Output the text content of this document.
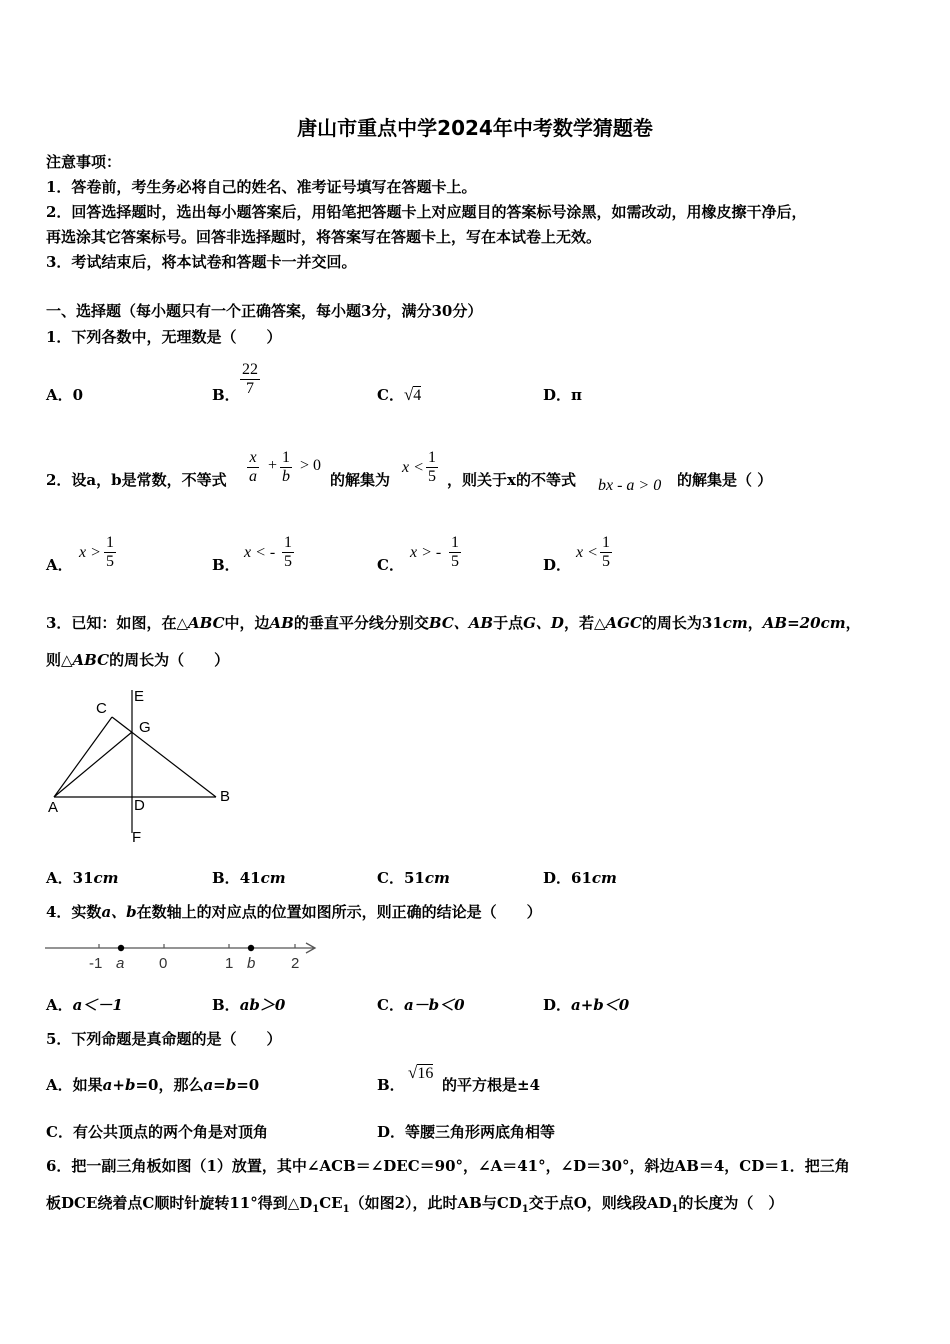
唐山市重点中学2024年中考数学猜题卷
注意事项：
1．答卷前，考生务必将自己的姓名、准考证号填写在答题卡上。
2．回答选择题时，选出每小题答案后，用铅笔把答题卡上对应题目的答案标号涂黑，如需改动，用橡皮擦干净后，
再选涂其它答案标号。回答非选择题时，将答案写在答题卡上，写在本试卷上无效。
3．考试结束后，将本试卷和答题卡一并交回。
一、选择题（每小题只有一个正确答案，每小题3分，满分30分）
1．下列各数中，无理数是（　　）
A．0	B． $\frac{22}{7}$	C．√4	D．π
2．设a，b是常数，不等式 $\frac{x}{a} + \frac{1}{b} > 0$
的解集为
$x < \frac{1}{5}$ ，则关于x的不等式 bx - a > 0 的解集是（ ）
A．
$x > \frac{1}{5}$	B．
x < - $\frac{1}{5}$	C．
x > - $\frac{1}{5}$	D．
$x < \frac{1}{5}$
3．已知：如图，在△ABC中，边AB的垂直平分线分别交BC、AB于点G、D，若△AGC的周长为31cm，AB=20cm，
则△ABC的周长为（　　）
C
E
G
A	D
B
F
A．31cm	B．41cm	C．51cm	D．61cm
4．实数a、b在数轴上的对应点的位置如图所示，则正确的结论是（　　）
-1 a 0	1 b 2
A．a＜－1	B．ab＞0	C．a－b＜0	D．a+b＜0
5．下列命题是真命题的是（　　）
A．如果a+b=0，那么a=b=0	B．
√16
的平方根是±4
C．有公共顶点的两个角是对顶角	D．等腰三角形两底角相等
6．把一副三角板如图（1）放置，其中∠ACB＝∠DEC＝90°，∠A＝41°，∠D＝30°，斜边AB＝4，CD＝1．把三角
板DCE绕着点C顺时针旋转11°得到$\triangle D_1CE_1$（如图2），此时AB与$CD_1$交于点O，则线段$AD_1$的长度为（　）
